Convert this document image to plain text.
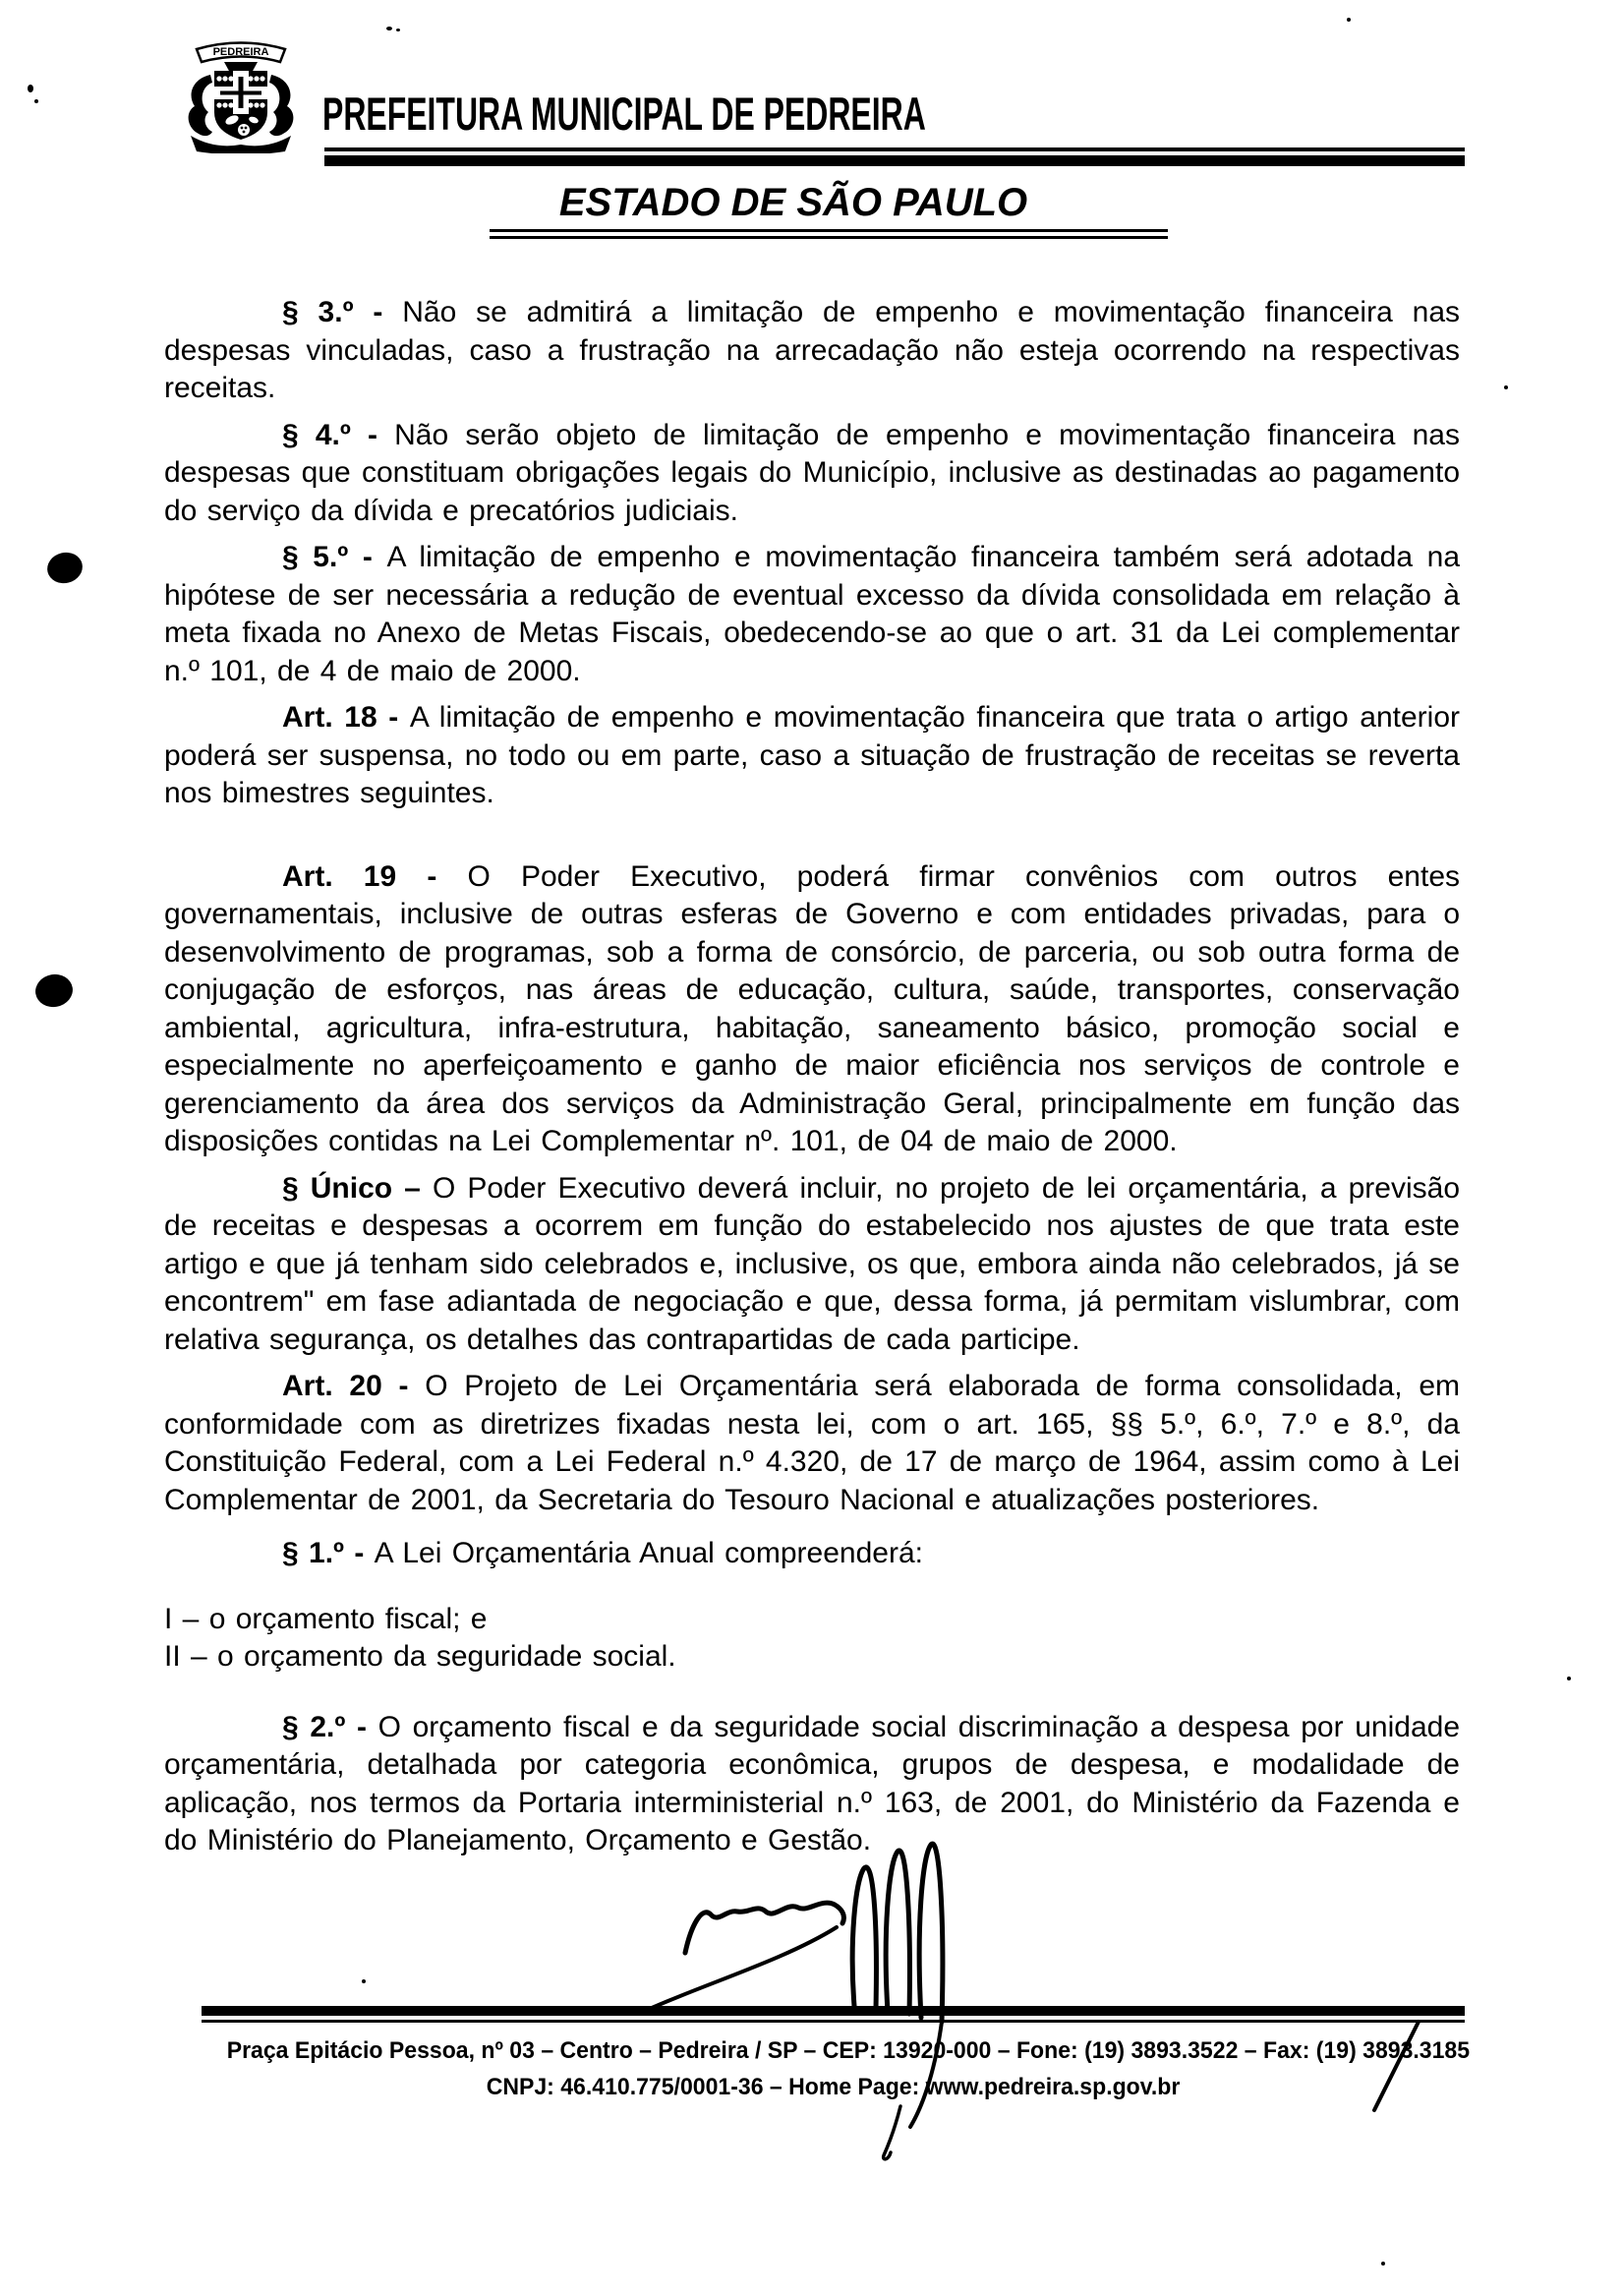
PEDREIRA
PREFEITURA MUNICIPAL DE PEDREIRA
ESTADO DE SÃO PAULO

§ 3.º - Não se admitirá a limitação de empenho e movimentação financeira nas despesas vinculadas, caso a frustração na arrecadação não esteja ocorrendo na respectivas receitas.

§ 4.º - Não serão objeto de limitação de empenho e movimentação financeira nas despesas que constituam obrigações legais do Município, inclusive as destinadas ao pagamento do serviço da dívida e precatórios judiciais.

§ 5.º - A limitação de empenho e movimentação financeira também será adotada na hipótese de ser necessária a redução de eventual excesso da dívida consolidada em relação à meta fixada no Anexo de Metas Fiscais, obedecendo-se ao que o art. 31 da Lei complementar n.º 101, de 4 de maio de 2000.

Art. 18 - A limitação de empenho e movimentação financeira que trata o artigo anterior poderá ser suspensa, no todo ou em parte, caso a situação de frustração de receitas se reverta nos bimestres seguintes.

Art. 19 - O Poder Executivo, poderá firmar convênios com outros entes governamentais, inclusive de outras esferas de Governo e com entidades privadas, para o desenvolvimento de programas, sob a forma de consórcio, de parceria, ou sob outra forma de conjugação de esforços, nas áreas de educação, cultura, saúde, transportes, conservação ambiental, agricultura, infra-estrutura, habitação, saneamento básico, promoção social e especialmente no aperfeiçoamento e ganho de maior eficiência nos serviços de controle e gerenciamento da área dos serviços da Administração Geral, principalmente em função das disposições contidas na Lei Complementar nº. 101, de 04 de maio de 2000.

§ Único – O Poder Executivo deverá incluir, no projeto de lei orçamentária, a previsão de receitas e despesas a ocorrem em função do estabelecido nos ajustes de que trata este artigo e que já tenham sido celebrados e, inclusive, os que, embora ainda não celebrados, já se encontrem" em fase adiantada de negociação e que, dessa forma, já permitam vislumbrar, com relativa segurança, os detalhes das contrapartidas de cada participe.

Art. 20 - O Projeto de Lei Orçamentária será elaborada de forma consolidada, em conformidade com as diretrizes fixadas nesta lei, com o art. 165, §§ 5.º, 6.º, 7.º e 8.º, da Constituição Federal, com a Lei Federal n.º 4.320, de 17 de março de 1964, assim como à Lei Complementar de 2001, da Secretaria do Tesouro Nacional e atualizações posteriores.

§ 1.º - A Lei Orçamentária Anual compreenderá:

I – o orçamento fiscal; e

II – o orçamento da seguridade social.

§ 2.º - O orçamento fiscal e da seguridade social discriminação a despesa por unidade orçamentária, detalhada por categoria econômica, grupos de despesa, e modalidade de aplicação, nos termos da Portaria interministerial n.º 163, de 2001, do Ministério da Fazenda e do Ministério do Planejamento, Orçamento e Gestão.

Praça Epitácio Pessoa, nº 03 – Centro – Pedreira / SP – CEP: 13920-000 – Fone: (19) 3893.3522 – Fax: (19) 3893.3185
CNPJ: 46.410.775/0001-36 – Home Page: www.pedreira.sp.gov.br
